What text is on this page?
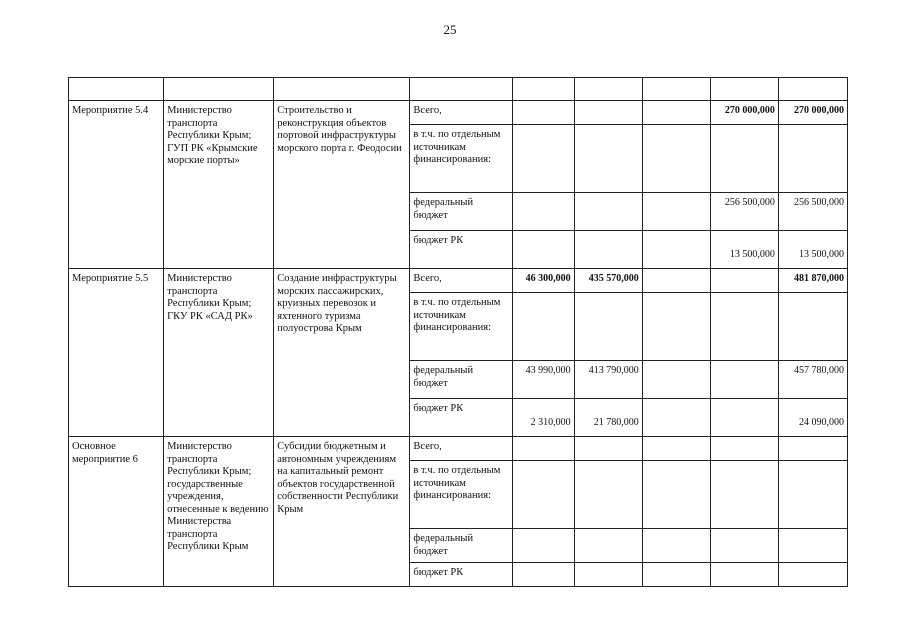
25

Мероприятие 5.4	Министерство транспорта Республики Крым; ГУП РК «Крымские морские порты»	Строительство и реконструкция объектов портовой инфраструктуры морского порта г. Феодосии	Всего,				270 000,000	270 000,000
			в т.ч. по отдельным источникам финансирования:					
			федеральный бюджет				256 500,000	256 500,000
			бюджет РК				13 500,000	13 500,000
Мероприятие 5.5	Министерство транспорта Республики Крым; ГКУ РК «САД РК»	Создание инфраструктуры морских пассажирских, круизных перевозок и яхтенного туризма полуострова Крым	Всего,	46 300,000	435 570,000			481 870,000
			в т.ч. по отдельным источникам финансирования:					
			федеральный бюджет	43 990,000	413 790,000			457 780,000
			бюджет РК	2 310,000	21 780,000			24 090,000
Основное мероприятие 6	Министерство транспорта Республики Крым; государственные учреждения, отнесенные к ведению Министерства транспорта Республики Крым	Субсидии бюджетным и автономным учреждениям на капитальный ремонт объектов государственной собственности Республики Крым	Всего,					
			в т.ч. по отдельным источникам финансирования:					
			федеральный бюджет					
			бюджет РК					
